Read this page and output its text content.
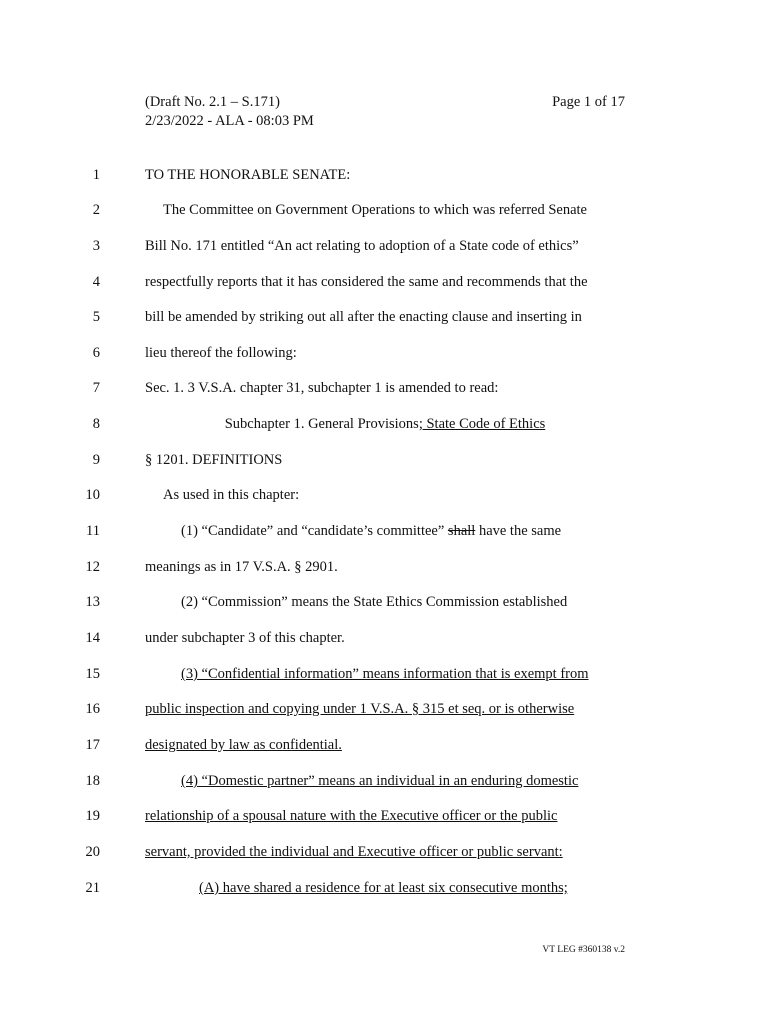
(Draft No. 2.1 – S.171)
2/23/2022 - ALA - 08:03 PM
Page 1 of 17
1	TO THE HONORABLE SENATE:
2	The Committee on Government Operations to which was referred Senate
3	Bill No. 171 entitled “An act relating to adoption of a State code of ethics”
4	respectfully reports that it has considered the same and recommends that the
5	bill be amended by striking out all after the enacting clause and inserting in
6	lieu thereof the following:
7	Sec. 1. 3 V.S.A. chapter 31, subchapter 1 is amended to read:
8	Subchapter 1. General Provisions; State Code of Ethics
9	§ 1201. DEFINITIONS
10	As used in this chapter:
11	(1) “Candidate” and “candidate’s committee” shall have the same
12	meanings as in 17 V.S.A. § 2901.
13	(2) “Commission” means the State Ethics Commission established
14	under subchapter 3 of this chapter.
15	(3) “Confidential information” means information that is exempt from
16	public inspection and copying under 1 V.S.A. § 315 et seq. or is otherwise
17	designated by law as confidential.
18	(4) “Domestic partner” means an individual in an enduring domestic
19	relationship of a spousal nature with the Executive officer or the public
20	servant, provided the individual and Executive officer or public servant:
21	(A) have shared a residence for at least six consecutive months;
VT LEG #360138 v.2
